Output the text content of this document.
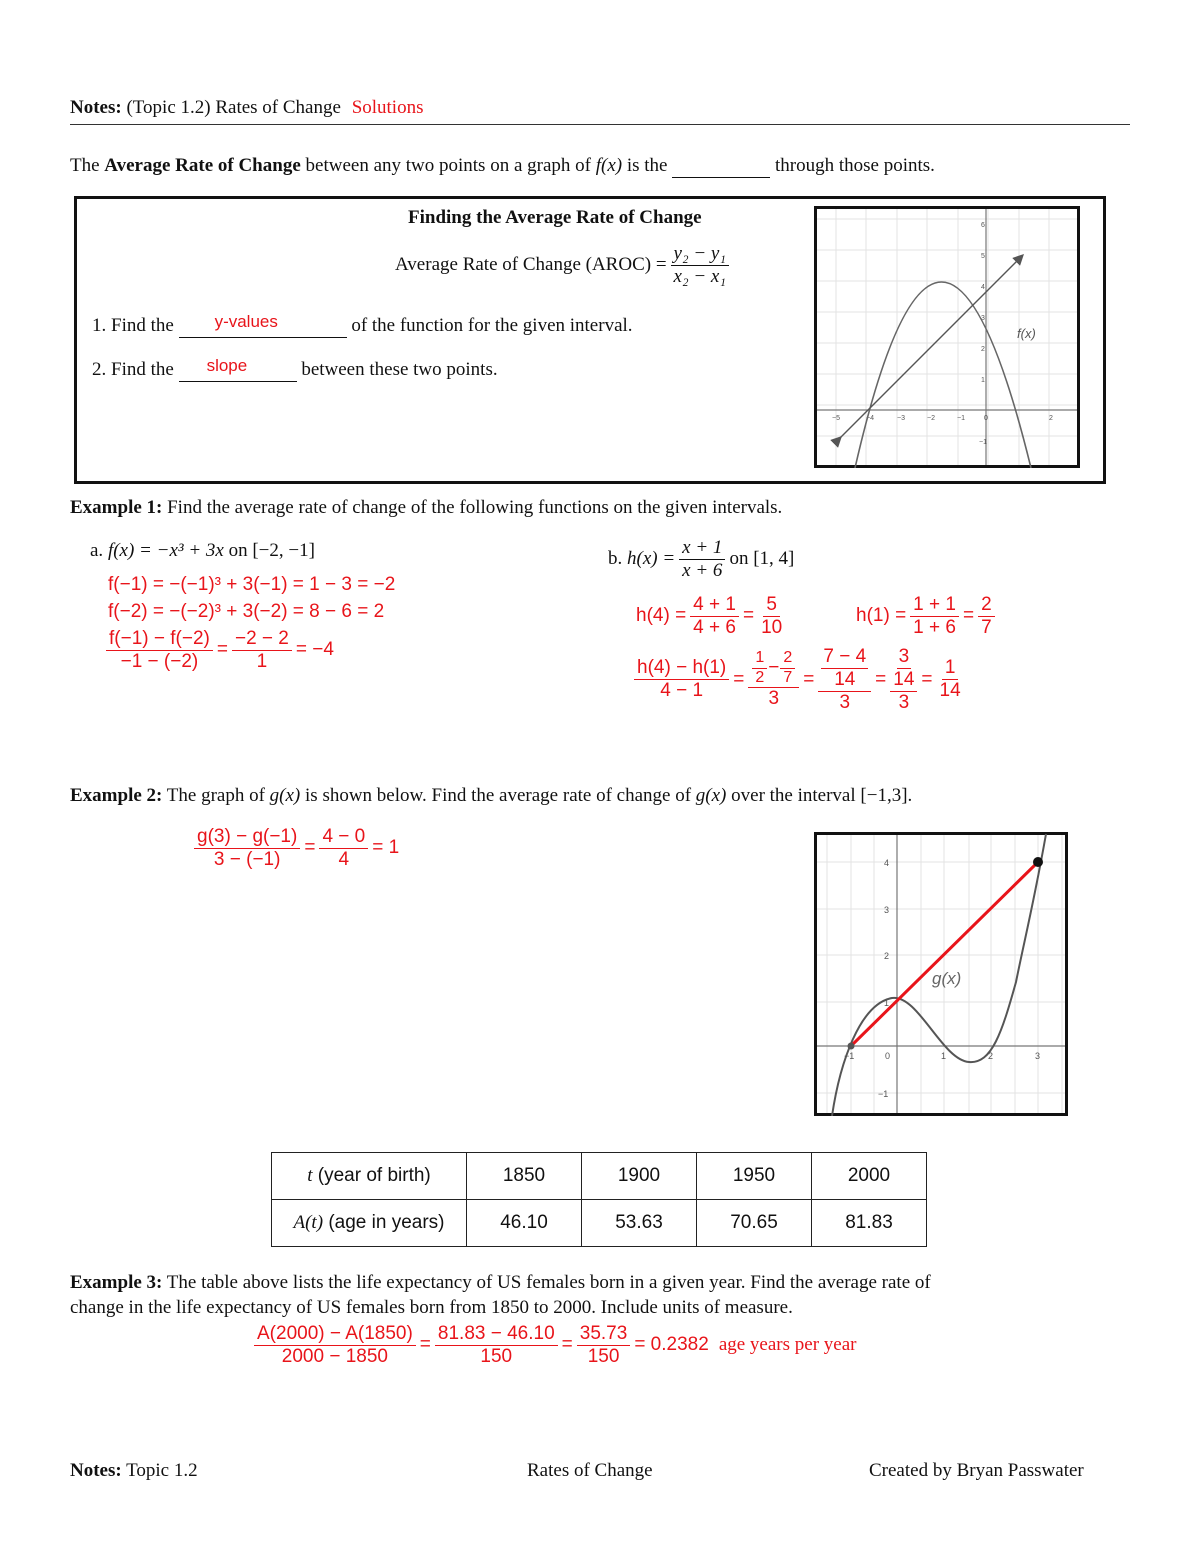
Notes: (Topic 1.2) Rates of Change Solutions
The Average Rate of Change between any two points on a graph of f(x) is the	through those points.
Finding the Average Rate of Change
Average Rate of Change (AROC) = $\frac{\text{y₂ − y₁}}{\text{x₂ − x₁}}$
1. Find the y-values	of the function for the given interval.
2. Find the slope	between these two points.
−5	−4	−3	−2	−1	0	2
−1
1
2
3
4
5
6
f(x)
Example 1: Find the average rate of change of the following functions on the given intervals.
a. f(x) = −x³ + 3x on [−2, −1]
f(−1) = −(−1)³ + 3(−1) = 1 − 3 = −2
f(−2) = −(−2)³ + 3(−2) = 8 − 6 = 2
$\frac{f(-1) - f(-2)}{-1 - (-2)} = \frac{-2 - 2}{1} = -4$
b.
$h(x) = \frac{x + 1}{x + 6}$ on [1, 4]
$h(4) = \frac{4 + 1}{4 + 6} = \frac{5}{10}$	$h(1) = \frac{1 + 1}{1 + 6} = \frac{2}{7}$
$\frac{h(4) - h(1)}{4 - 1} = \frac{\frac{1}{2} - \frac{2}{7}}{3} = 7 - 4$
14
3 = 3
14
$3 = \frac{1}{14}$
Example 2: The graph of g(x) is shown below. Find the average rate of change of g(x) over the interval [−1,3].
$\frac{g(3) - g(-1)}{3 - (-1)} = \frac{4 - 0}{4} = 1$
−1	0	1	2	3
−1
1
2
3
4
g(x)
t (year of birth)	1850	1900	1950	2000
A(t) (age in years)	46.10	53.63	70.65	81.83
Example 3: The table above lists the life expectancy of US females born in a given year. Find the average rate of
change in the life expectancy of US females born from 1850 to 2000. Include units of measure.
$\frac{A(2000) - A(1850)}{2000 - 1850} = \frac{81.83 - 46.10}{150} = \frac{35.73}{150} = 0.2382$ age years per year
Notes: Topic 1.2	Rates of Change	Created by Bryan Passwater
